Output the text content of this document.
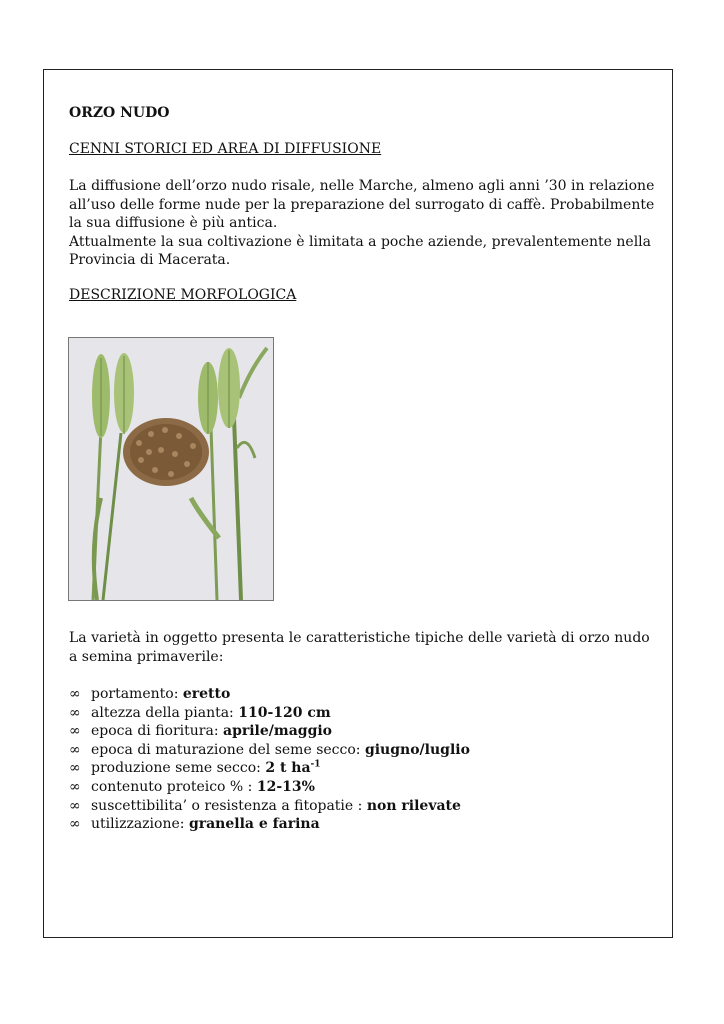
ORZO NUDO

CENNI STORICI ED AREA DI DIFFUSIONE

La diffusione dell’orzo nudo risale, nelle Marche, almeno agli anni ’30 in relazione all’uso delle forme nude per la preparazione del surrogato di caffè. Probabilmente la sua diffusione è più antica.
Attualmente la sua coltivazione è limitata a poche aziende, prevalentemente nella Provincia di Macerata.

DESCRIZIONE MORFOLOGICA

La varietà in oggetto presenta le caratteristiche tipiche delle varietà di orzo nudo a semina primaverile:

∞ portamento: eretto
∞ altezza della pianta: 110-120 cm
∞ epoca di fioritura: aprile/maggio
∞ epoca di maturazione del seme secco: giugno/luglio
∞ produzione seme secco: 2 t $ha^{-1}$
∞ contenuto proteico % : 12-13%
∞ suscettibilita’ o resistenza a fitopatie : non rilevate
∞ utilizzazione: granella e farina
